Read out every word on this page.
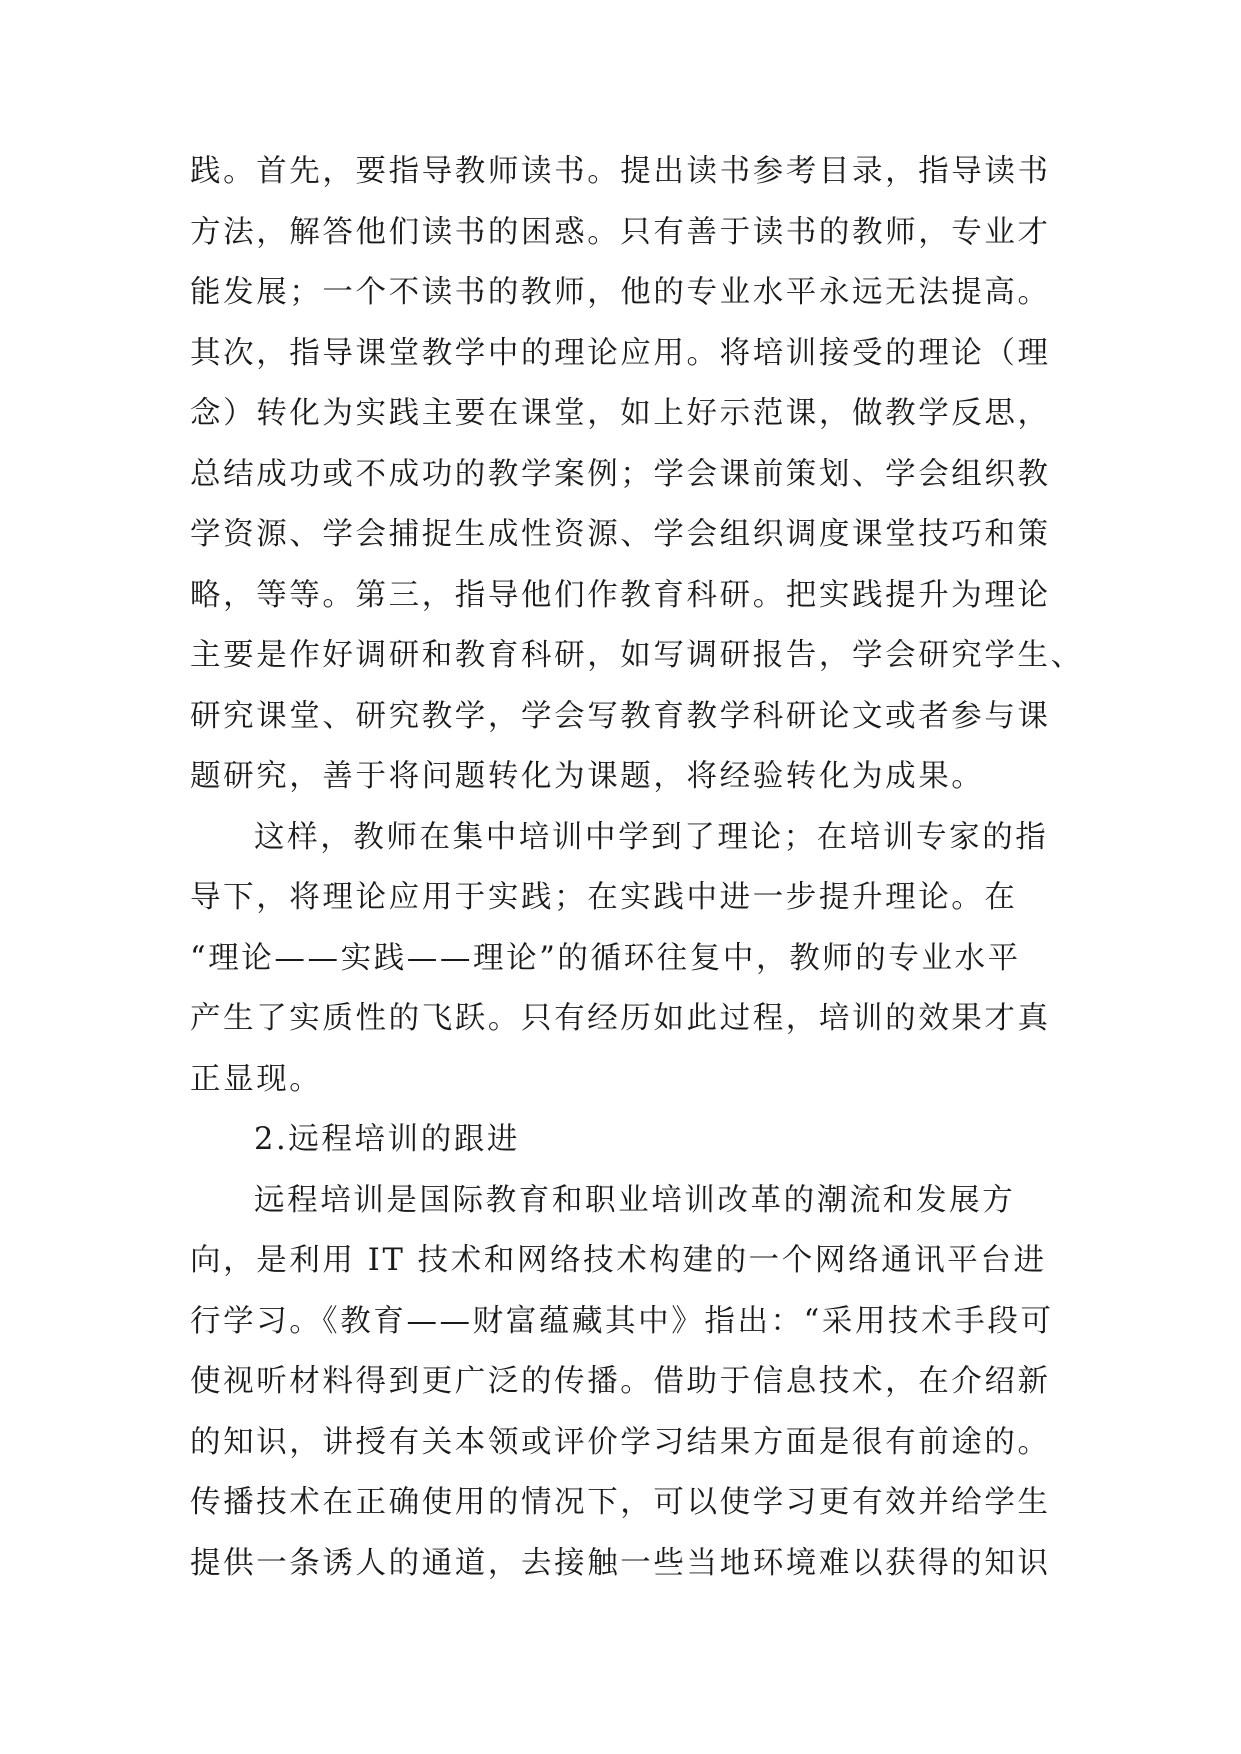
践。首先，要指导教师读书。提出读书参考目录，指导读书
方法，解答他们读书的困惑。只有善于读书的教师，专业才
能发展；一个不读书的教师，他的专业水平永远无法提高。
其次，指导课堂教学中的理论应用。将培训接受的理论（理
念）转化为实践主要在课堂，如上好示范课，做教学反思，
总结成功或不成功的教学案例；学会课前策划、学会组织教
学资源、学会捕捉生成性资源、学会组织调度课堂技巧和策
略，等等。第三，指导他们作教育科研。把实践提升为理论
主要是作好调研和教育科研，如写调研报告，学会研究学生、
研究课堂、研究教学，学会写教育教学科研论文或者参与课
题研究，善于将问题转化为课题，将经验转化为成果。
这样，教师在集中培训中学到了理论；在培训专家的指
导下，将理论应用于实践；在实践中进一步提升理论。在
“理论——实践——理论”的循环往复中，教师的专业水平
产生了实质性的飞跃。只有经历如此过程，培训的效果才真
正显现。
2.远程培训的跟进
远程培训是国际教育和职业培训改革的潮流和发展方
向，是利用 IT 技术和网络技术构建的一个网络通讯平台进
行学习。《教育——财富蕴藏其中》指出：“采用技术手段可
使视听材料得到更广泛的传播。借助于信息技术，在介绍新
的知识，讲授有关本领或评价学习结果方面是很有前途的。
传播技术在正确使用的情况下，可以使学习更有效并给学生
提供一条诱人的通道，去接触一些当地环境难以获得的知识
